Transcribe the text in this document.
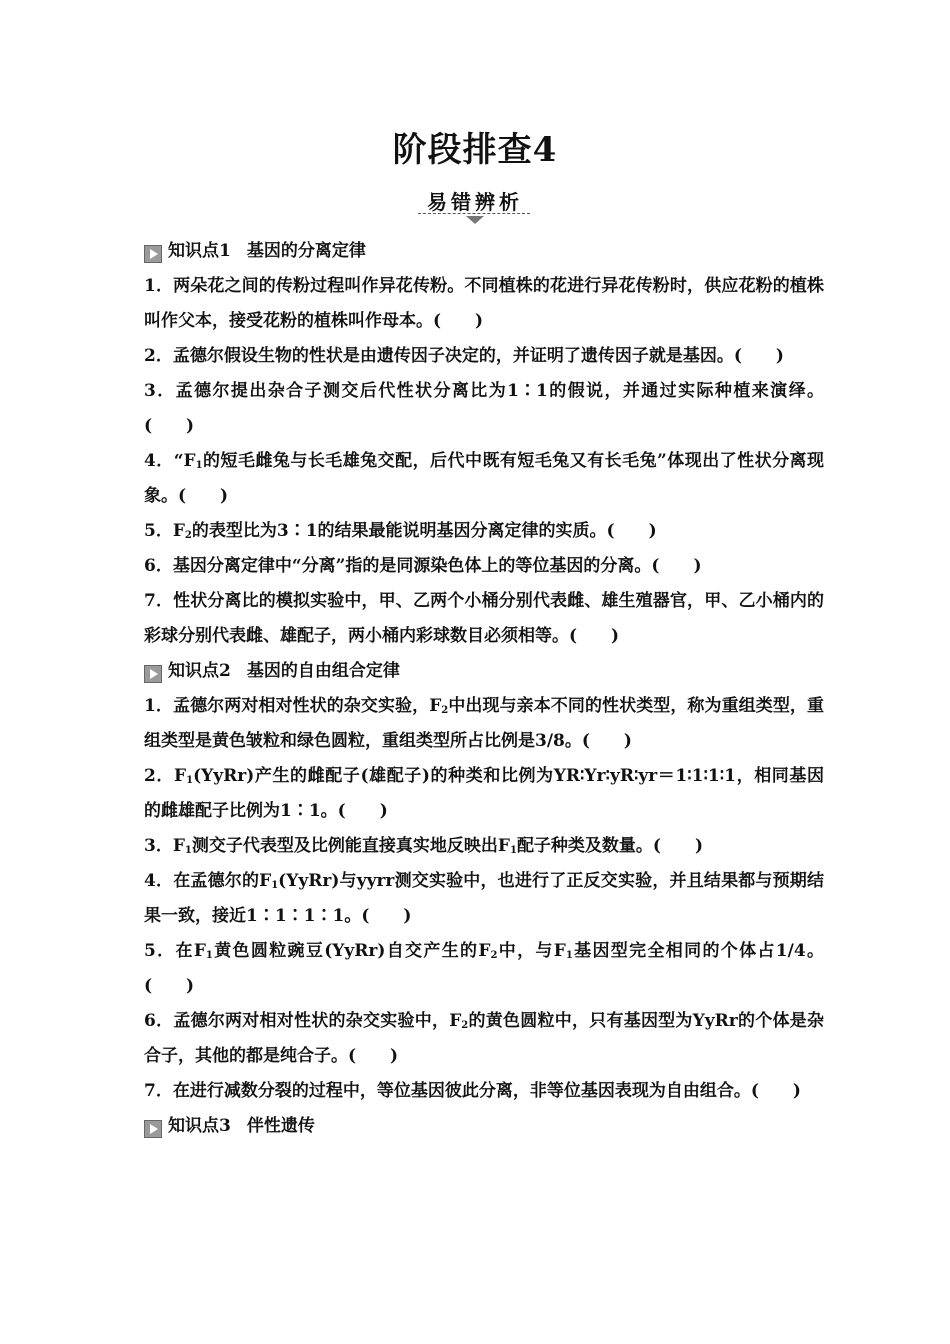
阶段排查4
易错辨析
知识点1 基因的分离定律
1．两朵花之间的传粉过程叫作异花传粉。不同植株的花进行异花传粉时，供应花粉的植株叫作父本，接受花粉的植株叫作母本。(　　)
2．孟德尔假设生物的性状是由遗传因子决定的，并证明了遗传因子就是基因。(　　)
3．孟德尔提出杂合子测交后代性状分离比为1∶1的假说，并通过实际种植来演绎。(　　)
4．“$F_1$的短毛雌兔与长毛雄兔交配，后代中既有短毛兔又有长毛兔”体现出了性状分离现象。(　　)
5．$F_2$的表型比为3∶1的结果最能说明基因分离定律的实质。(　　)
6．基因分离定律中“分离”指的是同源染色体上的等位基因的分离。(　　)
7．性状分离比的模拟实验中，甲、乙两个小桶分别代表雌、雄生殖器官，甲、乙小桶内的彩球分别代表雌、雄配子，两小桶内彩球数目必须相等。(　　)
知识点2 基因的自由组合定律
1．孟德尔两对相对性状的杂交实验，$F_2$中出现与亲本不同的性状类型，称为重组类型，重组类型是黄色皱粒和绿色圆粒，重组类型所占比例是3/8。(　　)
2．$F_1(YyRr)$产生的雌配子(雄配子)的种类和比例为YR∶Yr∶yR∶yr＝1∶1∶1∶1，相同基因的雌雄配子比例为1∶1。(　　)
3．$F_1$测交子代表型及比例能直接真实地反映出$F_1$配子种类及数量。(　　)
4．在孟德尔的$F_1(YyRr)$与yyrr测交实验中，也进行了正反交实验，并且结果都与预期结果一致，接近1∶1∶1∶1。(　　)
5．在$F_1$黄色圆粒豌豆(YyRr)自交产生的$F_2$中，与$F_1$基因型完全相同的个体占1/4。(　　)
6．孟德尔两对相对性状的杂交实验中，$F_2$的黄色圆粒中，只有基因型为YyRr的个体是杂合子，其他的都是纯合子。(　　)
7．在进行减数分裂的过程中，等位基因彼此分离，非等位基因表现为自由组合。(　　)
知识点3 伴性遗传
